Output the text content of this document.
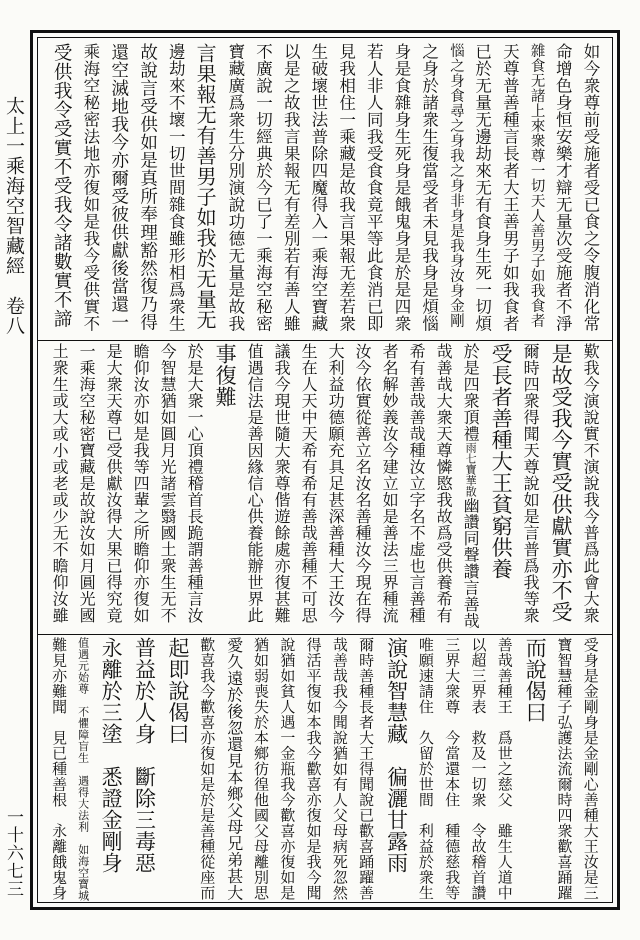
太上一乘海空智藏經　卷八
一十六七三
如今衆尊前受施者受已食之令腹消化常
命增色身恒安樂才辯无量次受施者不淨
雜食无諸上來衆尊一切天人善男子如我食者
天尊普善種言長者大王善男子如我食者
已於无量无邊劫來无有食身生死一切煩
惱之身食尋之身我之身非身是我身汝身金剛
之身於諸衆生復當受者未見我身是煩惱
身是食雜身生死身是餓鬼身是於是四衆
若人非人同我受食食竟平等此食消已即
見我相住一乘藏是故我言果報无差若衆
生破壞世法普除四魔得入一乘海空寶藏
以是之故我言果報无有差別若有善人雖
不廣說一切經典於今已了一乘海空秘密
寶藏廣爲衆生分別演說功德无量是故我
言果報无有善男子如我於无量无
邊劫來不壞一切世間雜食雖形相爲衆生
故說言受供如是真所奉理豁然復乃得
還空滅地我今亦爾受彼供獻後當還一
乘海空秘密法地亦復如是我今受供實不
受供我令受實不受我令諸數實不諦
歎我今演說實不演說我今普爲此會大衆
是故受我今實受供獻實亦不受
爾時四衆得聞天尊說如是言普爲我等衆
受長者善種大王貧窮供養
於是四衆頂禮雨七寶華散幽讚同聲讚言善哉
哉善哉大衆天尊憐愍我故爲受供養希有
希有善哉善哉種汝立字名不虚也言善種
者名解妙義汝今建立如是善法三界種流
汝今依實從善立名汝名善種汝今現在得
大利益功德願充具足甚深善種大王汝今
生在人天中天希有希有善哉善種不可思
議我今現世隨大衆尊偕遊餘處亦復甚難
值遇信法是善因緣信心供養能辦世界此
事復難
於是大衆一心頂禮稽首長跪謂善種言汝
今智慧猶如圓月光諸雲翳國土衆生无不
瞻仰汝亦如是我等四輩之所瞻仰亦復如
是大衆天尊已受供獻汝得大果已得究竟
一乘海空秘密寶藏是故說汝如月圓光國
土衆生或大或小或老或少无不瞻仰汝雖
受身是金剛身是金剛心善種大王汝是三
寶智慧種子弘護法流爾時四衆歡喜踊躍
而說偈曰
善哉善種王　爲世之慈父　雖生人道中
以超三界表　救及一切衆　令故稽首讚
三界大衆尊　今當還本住　種德慈我等
唯願速請住　久留於世間　利益於衆生
演說智慧藏　徧灑甘露雨
爾時善種長者大王得聞說已歡喜踊躍善
哉善哉我今聞說猶如有人父母病死忽然
得活平復如本我今歡喜亦復如是我今聞
說猶如貧人遇一金瓶我今歡喜亦復如是
猶如弱喪失於本鄉彷徨他國父母離別思
愛久遠於後忽還見本鄉父母兄弟甚大
歡喜我今歡喜亦復如是於是善種從座而
起即說偈曰
普益於人身　斷除三毒惡
永離於三塗　悉證金剛身
值遇元始尊　不懼障盲生　遇得大法利　如海空寶城
難見亦難聞　見已種善根　永離餓鬼身
